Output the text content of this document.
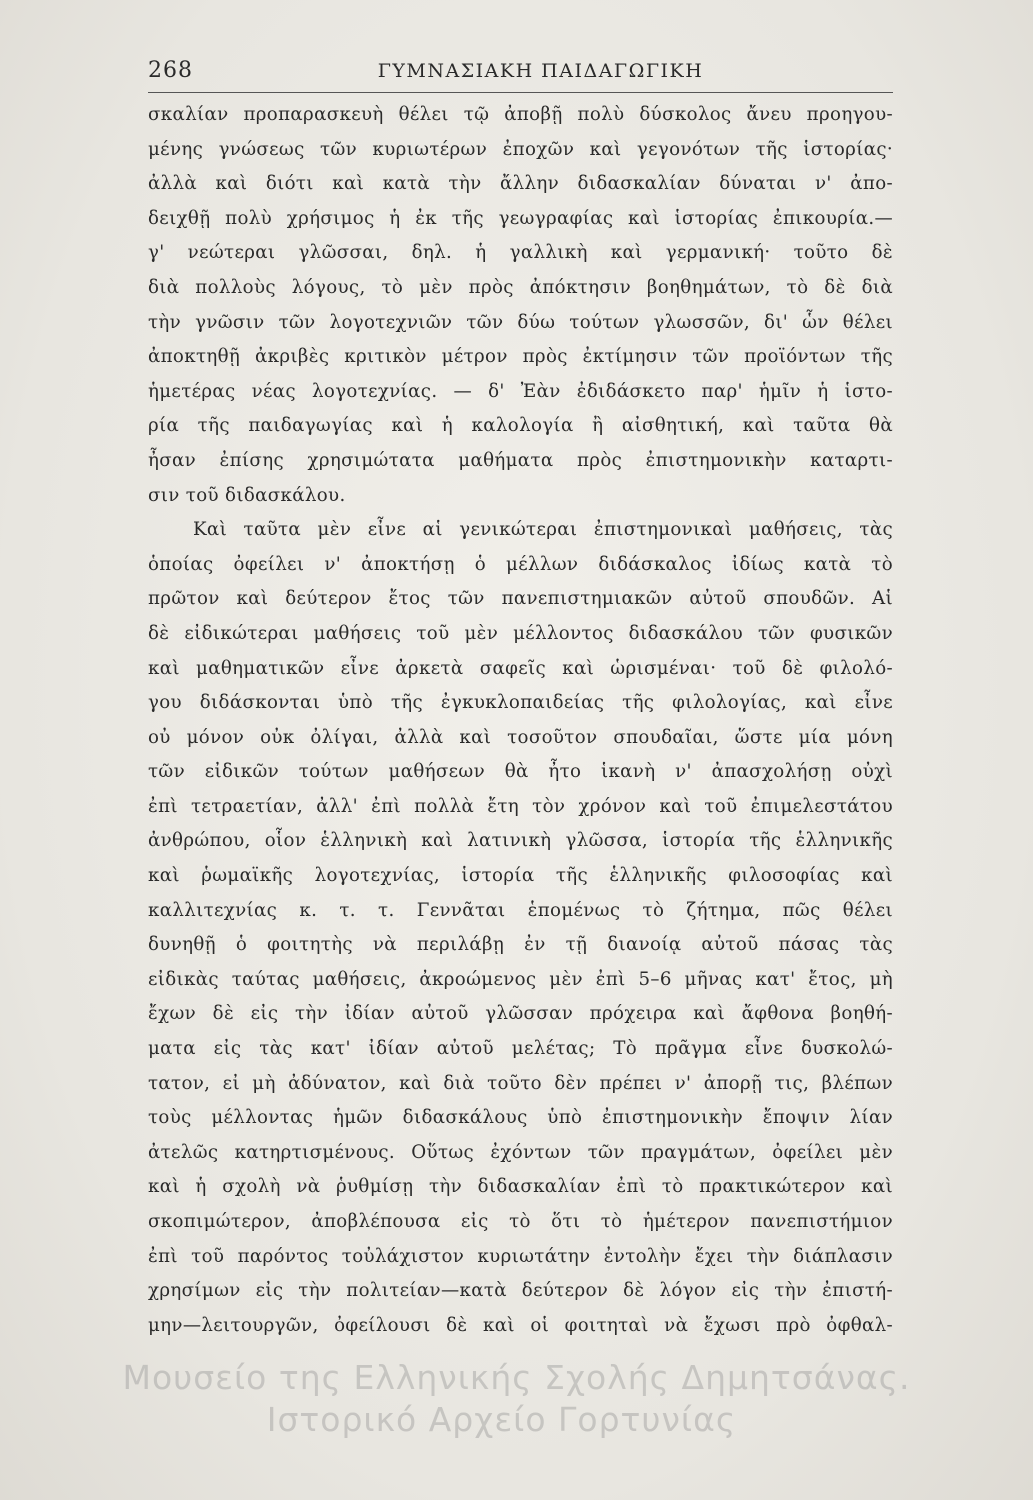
268	ΓΥΜΝΑΣΙΑΚΗ ΠΑΙΔΑΓΩΓΙΚΗ
σκαλίαν προπαρασκευὴ θέλει τῷ ἀποβῇ πολὺ δύσκολος ἄνευ προηγου-
μένης γνώσεως τῶν κυριωτέρων ἐποχῶν καὶ γεγονότων τῆς ἱστορίας·
ἀλλὰ καὶ διότι καὶ κατὰ τὴν ἄλλην διδασκαλίαν δύναται ν' ἀπο-
δειχθῇ πολὺ χρήσιμος ἡ ἐκ τῆς γεωγραφίας καὶ ἱστορίας ἐπικουρία.—
γ' νεώτεραι γλῶσσαι, δηλ. ἡ γαλλικὴ καὶ γερμανική· τοῦτο δὲ
διὰ πολλοὺς λόγους, τὸ μὲν πρὸς ἀπόκτησιν βοηθημάτων, τὸ δὲ διὰ
τὴν γνῶσιν τῶν λογοτεχνιῶν τῶν δύω τούτων γλωσσῶν, δι' ὧν θέλει
ἀποκτηθῇ ἀκριβὲς κριτικὸν μέτρον πρὸς ἐκτίμησιν τῶν προϊόντων τῆς
ἡμετέρας νέας λογοτεχνίας. — δ' Ἐὰν ἐδιδάσκετο παρ' ἡμῖν ἡ ἱστο-
ρία τῆς παιδαγωγίας καὶ ἡ καλολογία ἢ αἰσθητική, καὶ ταῦτα θὰ
ἦσαν ἐπίσης χρησιμώτατα μαθήματα πρὸς ἐπιστημονικὴν καταρτι-
σιν τοῦ διδασκάλου.
Καὶ ταῦτα μὲν εἶνε αἱ γενικώτεραι ἐπιστημονικαὶ μαθήσεις, τὰς
ὁποίας ὀφείλει ν' ἀποκτήσῃ ὁ μέλλων διδάσκαλος ἰδίως κατὰ τὸ
πρῶτον καὶ δεύτερον ἔτος τῶν πανεπιστημιακῶν αὐτοῦ σπουδῶν. Αἱ
δὲ εἰδικώτεραι μαθήσεις τοῦ μὲν μέλλοντος διδασκάλου τῶν φυσικῶν
καὶ μαθηματικῶν εἶνε ἀρκετὰ σαφεῖς καὶ ὡρισμέναι· τοῦ δὲ φιλολό-
γου διδάσκονται ὑπὸ τῆς ἐγκυκλοπαιδείας τῆς φιλολογίας, καὶ εἶνε
οὐ μόνον οὐκ ὀλίγαι, ἀλλὰ καὶ τοσοῦτον σπουδαῖαι, ὥστε μία μόνη
τῶν εἰδικῶν τούτων μαθήσεων θὰ ἦτο ἱκανὴ ν' ἀπασχολήσῃ οὐχὶ
ἐπὶ τετραετίαν, ἀλλ' ἐπὶ πολλὰ ἔτη τὸν χρόνον καὶ τοῦ ἐπιμελεστάτου
ἀνθρώπου, οἷον ἑλληνικὴ καὶ λατινικὴ γλῶσσα, ἱστορία τῆς ἑλληνικῆς
καὶ ῥωμαϊκῆς λογοτεχνίας, ἱστορία τῆς ἑλληνικῆς φιλοσοφίας καὶ
καλλιτεχνίας κ. τ. τ. Γεννᾶται ἑπομένως τὸ ζήτημα, πῶς θέλει
δυνηθῇ ὁ φοιτητὴς νὰ περιλάβῃ ἐν τῇ διανοίᾳ αὐτοῦ πάσας τὰς
εἰδικὰς ταύτας μαθήσεις, ἀκροώμενος μὲν ἐπὶ 5–6 μῆνας κατ' ἔτος, μὴ
ἔχων δὲ εἰς τὴν ἰδίαν αὐτοῦ γλῶσσαν πρόχειρα καὶ ἄφθονα βοηθή-
ματα εἰς τὰς κατ' ἰδίαν αὐτοῦ μελέτας; Τὸ πρᾶγμα εἶνε δυσκολώ-
τατον, εἰ μὴ ἀδύνατον, καὶ διὰ τοῦτο δὲν πρέπει ν' ἀπορῇ τις, βλέπων
τοὺς μέλλοντας ἡμῶν διδασκάλους ὑπὸ ἐπιστημονικὴν ἔποψιν λίαν
ἀτελῶς κατηρτισμένους. Οὕτως ἐχόντων τῶν πραγμάτων, ὀφείλει μὲν
καὶ ἡ σχολὴ νὰ ῥυθμίσῃ τὴν διδασκαλίαν ἐπὶ τὸ πρακτικώτερον καὶ
σκοπιμώτερον, ἀποβλέπουσα εἰς τὸ ὅτι τὸ ἡμέτερον πανεπιστήμιον
ἐπὶ τοῦ παρόντος τοὐλάχιστον κυριωτάτην ἐντολὴν ἔχει τὴν διάπλασιν
χρησίμων εἰς τὴν πολιτείαν—κατὰ δεύτερον δὲ λόγον εἰς τὴν ἐπιστή-
μην—λειτουργῶν, ὀφείλουσι δὲ καὶ οἱ φοιτηταὶ νὰ ἔχωσι πρὸ ὀφθαλ-
Μουσείο της Ελληνικής Σχολής Δημητσάνας.
Ιστορικό Αρχείο Γορτυνίας
